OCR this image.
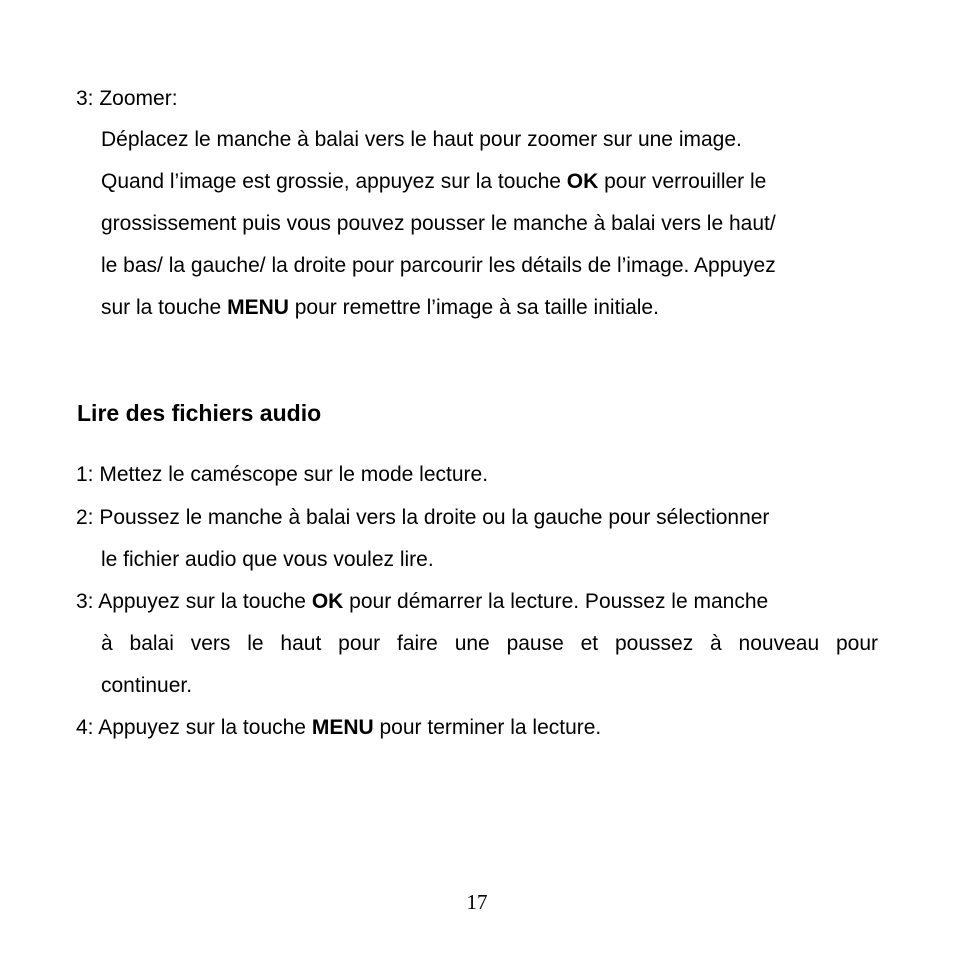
3: Zoomer:
Déplacez le manche à balai vers le haut pour zoomer sur une image.
Quand l’image est grossie, appuyez sur la touche OK pour verrouiller le
grossissement puis vous pouvez pousser le manche à balai vers le haut/
le bas/ la gauche/ la droite pour parcourir les détails de l’image. Appuyez
sur la touche MENU pour remettre l’image à sa taille initiale.
Lire des fichiers audio
1: Mettez le caméscope sur le mode lecture.
2: Poussez le manche à balai vers la droite ou la gauche pour sélectionner
le fichier audio que vous voulez lire.
3: Appuyez sur la touche OK pour démarrer la lecture. Poussez le manche
à balai vers le haut pour faire une pause et poussez à nouveau pour
continuer.
4: Appuyez sur la touche MENU pour terminer la lecture.
17
